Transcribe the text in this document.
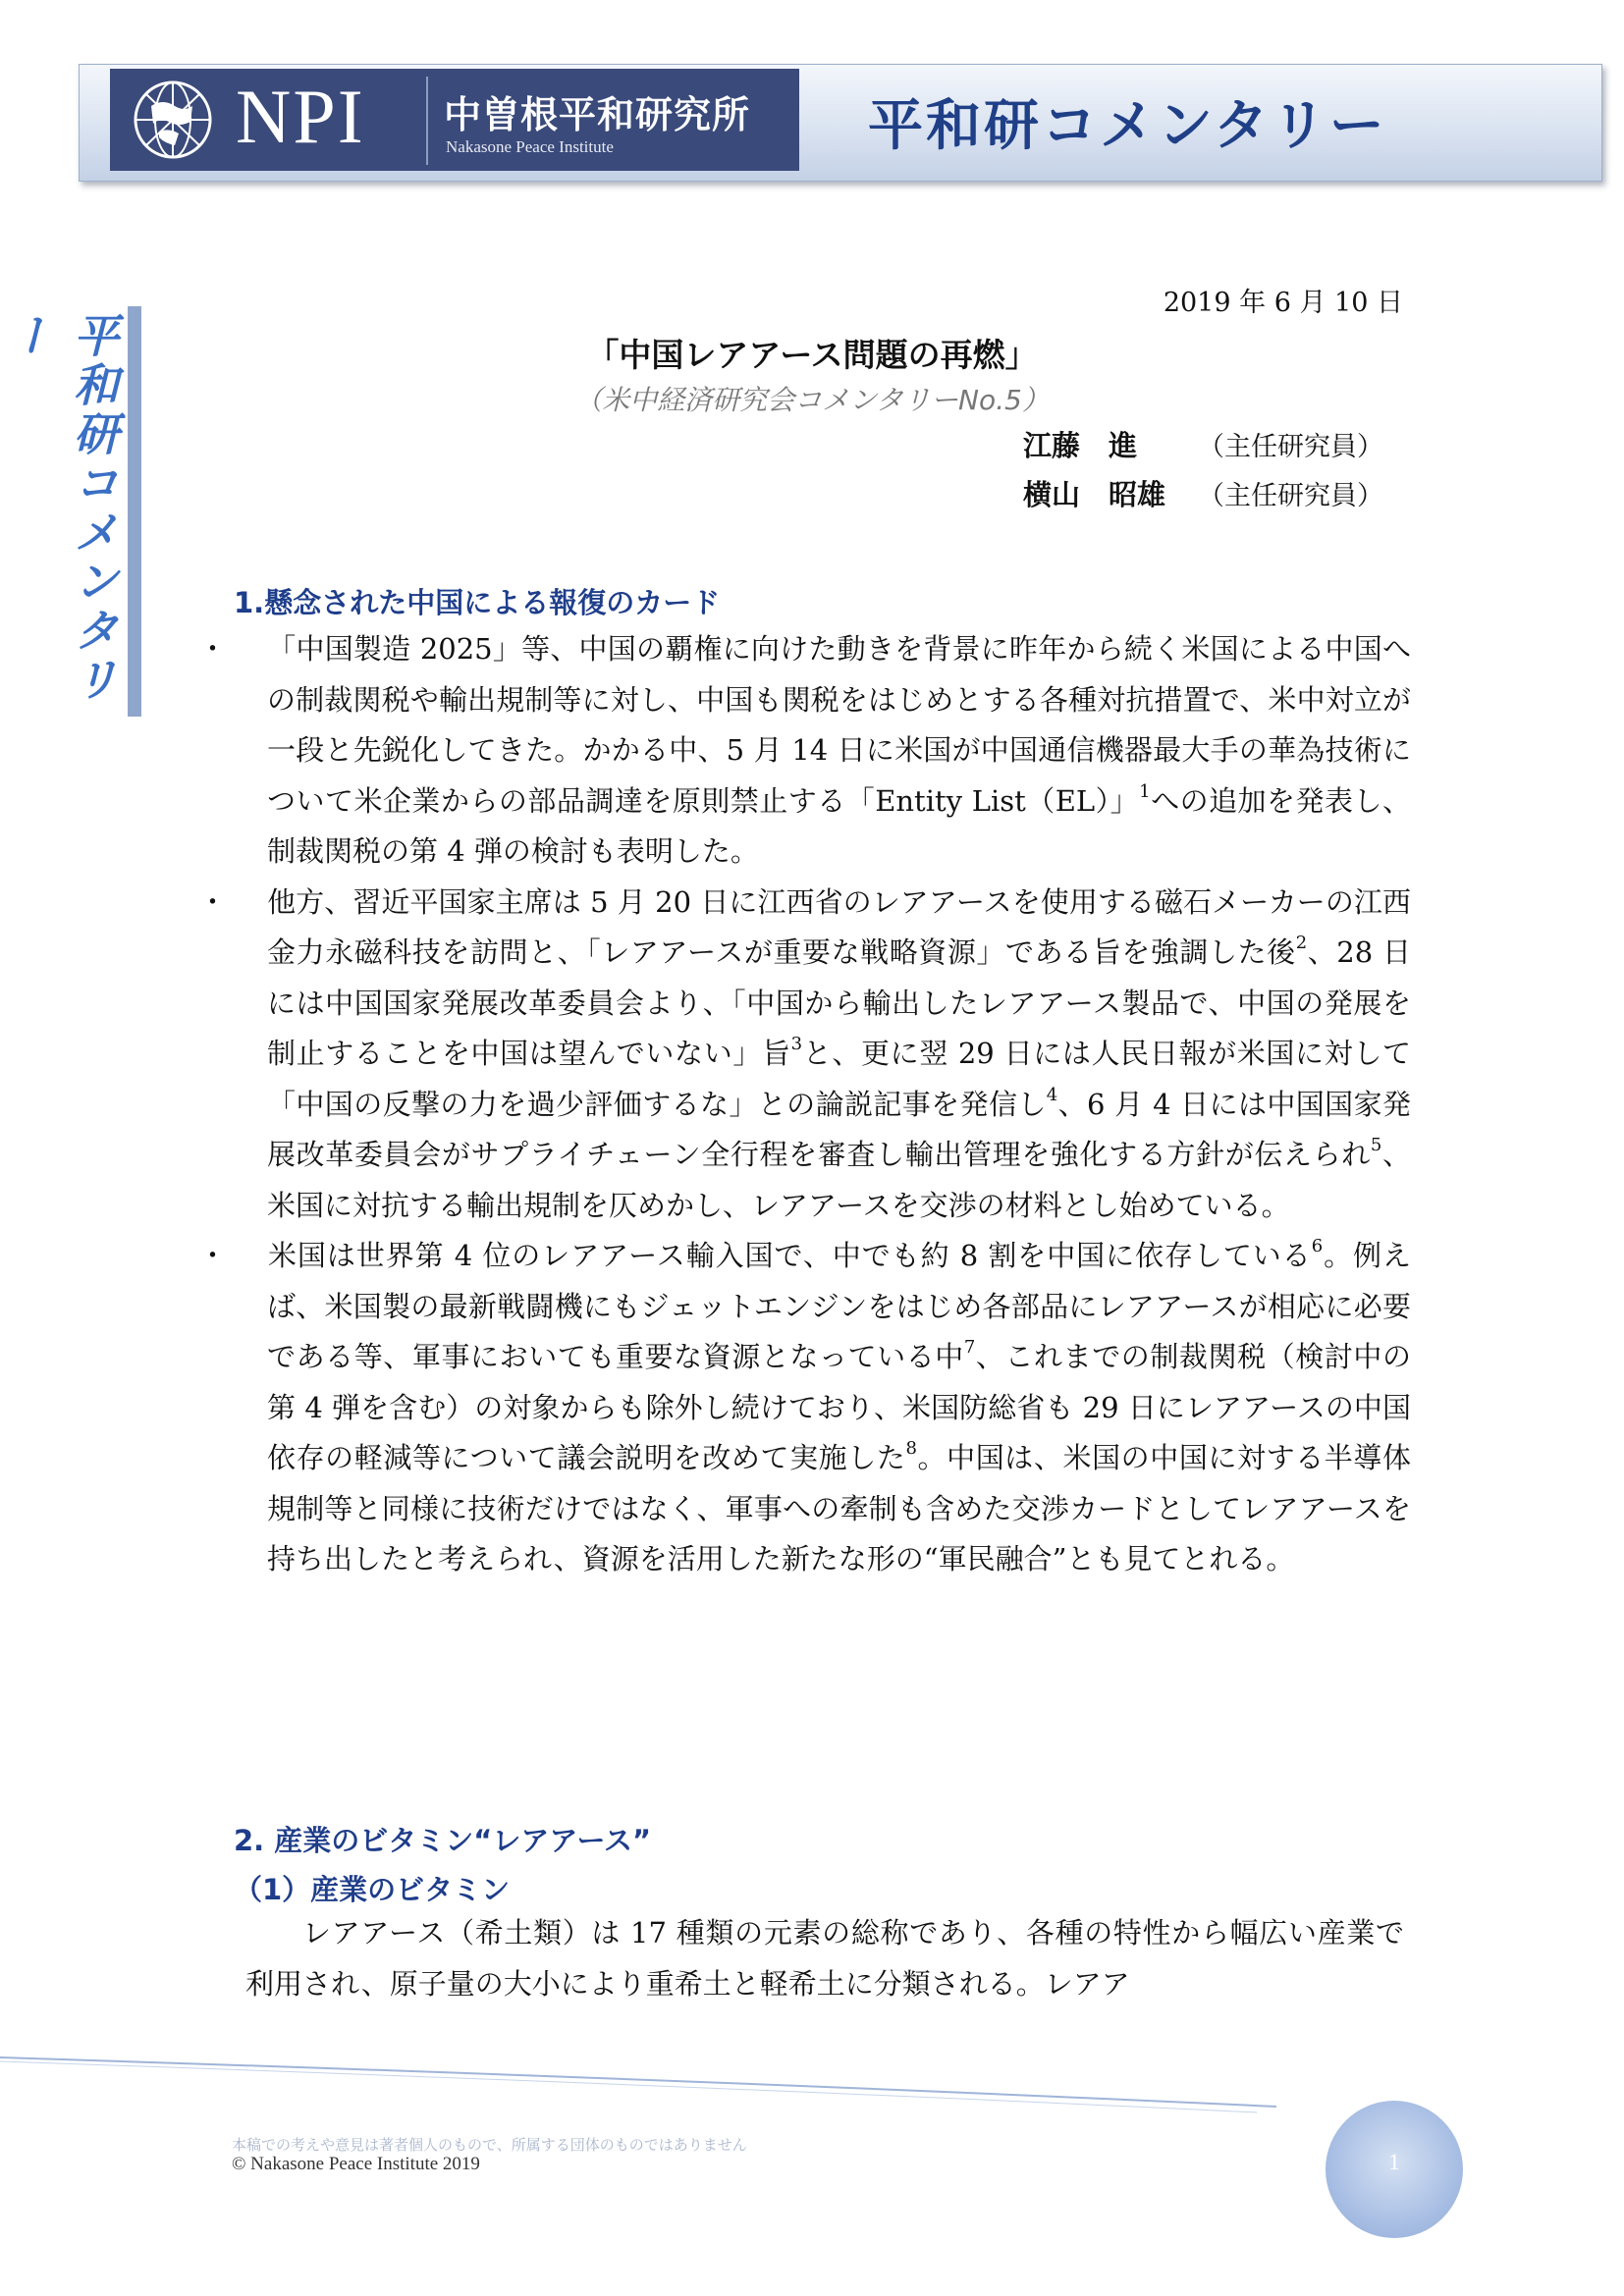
NPI 中曽根平和研究所
Nakasone Peace Institute	平和研コメンタリー
平和研コメンタリー
2019 年 6 月 10 日
「中国レアアース問題の再燃」
（米中経済研究会コメンタリーNo.5）
江藤　進 （主任研究員）
横山　昭雄 （主任研究員）
1.懸念された中国による報復のカード

・ 「中国製造 2025」等、中国の覇権に向けた動きを背景に昨年から続く米国による中国への制裁関税や輸出規制等に対し、中国も関税をはじめとする各種対抗措置で、米中対立が一段と先鋭化してきた。かかる中、5 月 14 日に米国が中国通信機器最大手の華為技術について米企業からの部品調達を原則禁止する「Entity List（EL）」$^1$への追加を発表し、制裁関税の第 4 弾の検討も表明した。

・ 他方、習近平国家主席は 5 月 20 日に江西省のレアアースを使用する磁石メーカーの江西金力永磁科技を訪問と、「レアアースが重要な戦略資源」である旨を強調した後$^2$、28 日には中国国家発展改革委員会より、「中国から輸出したレアアース製品で、中国の発展を制止することを中国は望んでいない」旨$^3$と、更に翌 29 日には人民日報が米国に対して「中国の反撃の力を過少評価するな」との論説記事を発信し$^4$、6 月 4 日には中国国家発展改革委員会がサプライチェーン全行程を審査し輸出管理を強化する方針が伝えられ$^5$、米国に対抗する輸出規制を仄めかし、レアアースを交渉の材料とし始めている。

・ 米国は世界第 4 位のレアアース輸入国で、中でも約 8 割を中国に依存している$^6$。例えば、米国製の最新戦闘機にもジェットエンジンをはじめ各部品にレアアースが相応に必要である等、軍事においても重要な資源となっている中$^7$、これまでの制裁関税（検討中の第 4 弾を含む）の対象からも除外し続けており、米国防総省も 29 日にレアアースの中国依存の軽減等について議会説明を改めて実施した$^8$。中国は、米国の中国に対する半導体規制等と同様に技術だけではなく、軍事への牽制も含めた交渉カードとしてレアアースを持ち出したと考えられ、資源を活用した新たな形の“軍民融合”とも見てとれる。

2. 産業のビタミン“レアアース”
（1）産業のビタミン
レアアース（希土類）は 17 種類の元素の総称であり、各種の特性から幅広い産業で利用され、原子量の大小により重希土と軽希土に分類される。レアア
本稿での考えや意見は著者個人のもので、所属する団体のものではありません
© Nakasone Peace Institute 2019	1
